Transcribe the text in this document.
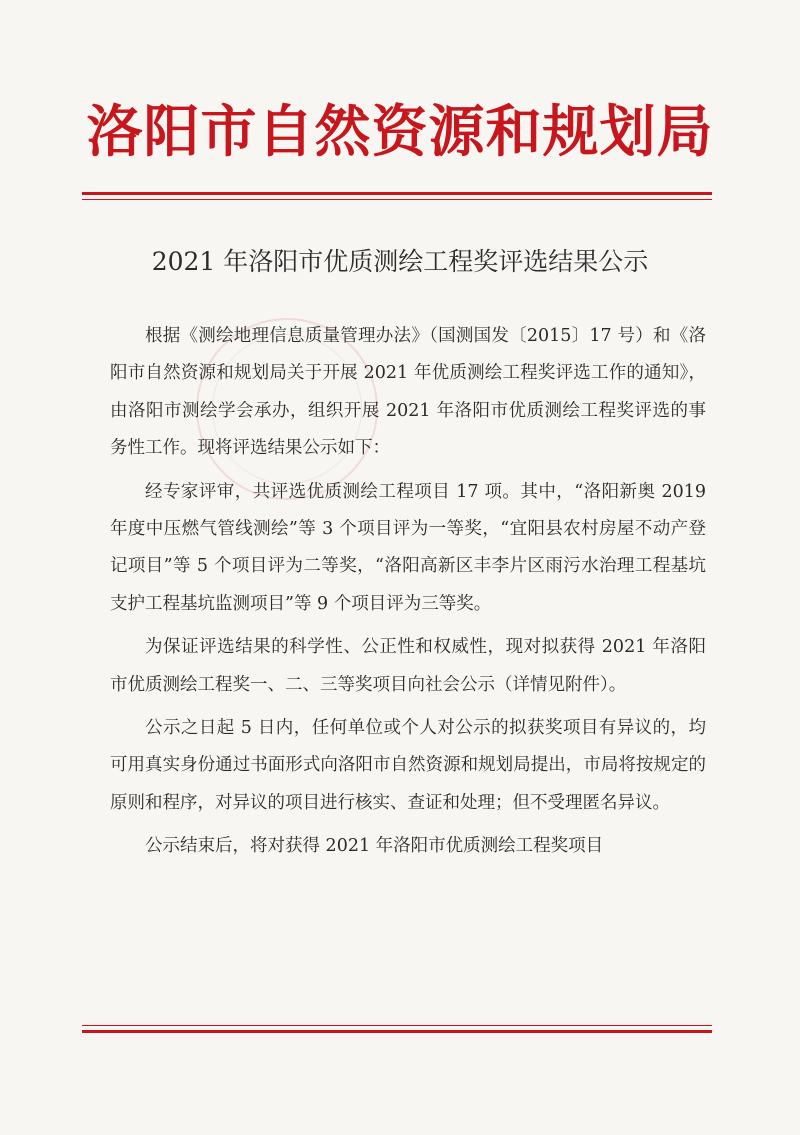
洛阳市自然资源和规划局
2021 年洛阳市优质测绘工程奖评选结果公示

根据《测绘地理信息质量管理办法》（国测国发〔2015〕17 号）和《洛阳市自然资源和规划局关于开展 2021 年优质测绘工程奖评选工作的通知》，由洛阳市测绘学会承办，组织开展 2021 年洛阳市优质测绘工程奖评选的事务性工作。现将评选结果公示如下：

经专家评审，共评选优质测绘工程项目 17 项。其中，“洛阳新奥 2019 年度中压燃气管线测绘”等 3 个项目评为一等奖，“宜阳县农村房屋不动产登记项目”等 5 个项目评为二等奖，“洛阳高新区丰李片区雨污水治理工程基坑支护工程基坑监测项目”等 9 个项目评为三等奖。

为保证评选结果的科学性、公正性和权威性，现对拟获得 2021 年洛阳市优质测绘工程奖一、二、三等奖项目向社会公示（详情见附件）。

公示之日起 5 日内，任何单位或个人对公示的拟获奖项目有异议的，均可用真实身份通过书面形式向洛阳市自然资源和规划局提出，市局将按规定的原则和程序，对异议的项目进行核实、查证和处理；但不受理匿名异议。

公示结束后，将对获得 2021 年洛阳市优质测绘工程奖项目
